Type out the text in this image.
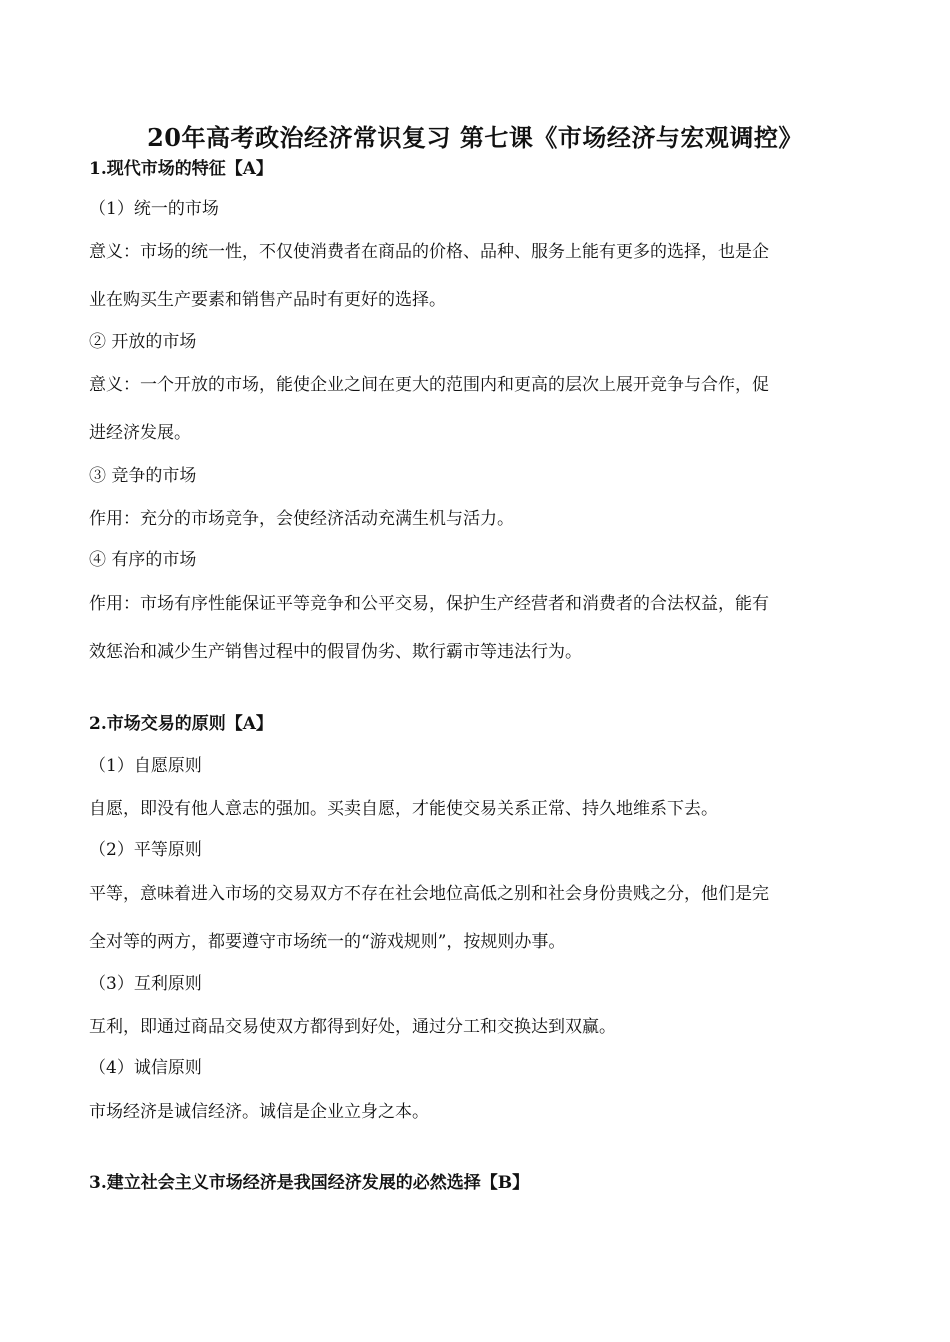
20年高考政治经济常识复习 第七课《市场经济与宏观调控》
1.现代市场的特征【A】
（1）统一的市场
意义：市场的统一性，不仅使消费者在商品的价格、品种、服务上能有更多的选择，也是企
业在购买生产要素和销售产品时有更好的选择。
② 开放的市场
意义：一个开放的市场，能使企业之间在更大的范围内和更高的层次上展开竞争与合作，促
进经济发展。
③ 竞争的市场
作用：充分的市场竞争，会使经济活动充满生机与活力。
④ 有序的市场
作用：市场有序性能保证平等竞争和公平交易，保护生产经营者和消费者的合法权益，能有
效惩治和减少生产销售过程中的假冒伪劣、欺行霸市等违法行为。
2.市场交易的原则【A】
（1）自愿原则
自愿，即没有他人意志的强加。买卖自愿，才能使交易关系正常、持久地维系下去。
（2）平等原则
平等，意味着进入市场的交易双方不存在社会地位高低之别和社会身份贵贱之分，他们是完
全对等的两方，都要遵守市场统一的“游戏规则”，按规则办事。
（3）互利原则
互利，即通过商品交易使双方都得到好处，通过分工和交换达到双赢。
（4）诚信原则
市场经济是诚信经济。诚信是企业立身之本。
3.建立社会主义市场经济是我国经济发展的必然选择【B】
